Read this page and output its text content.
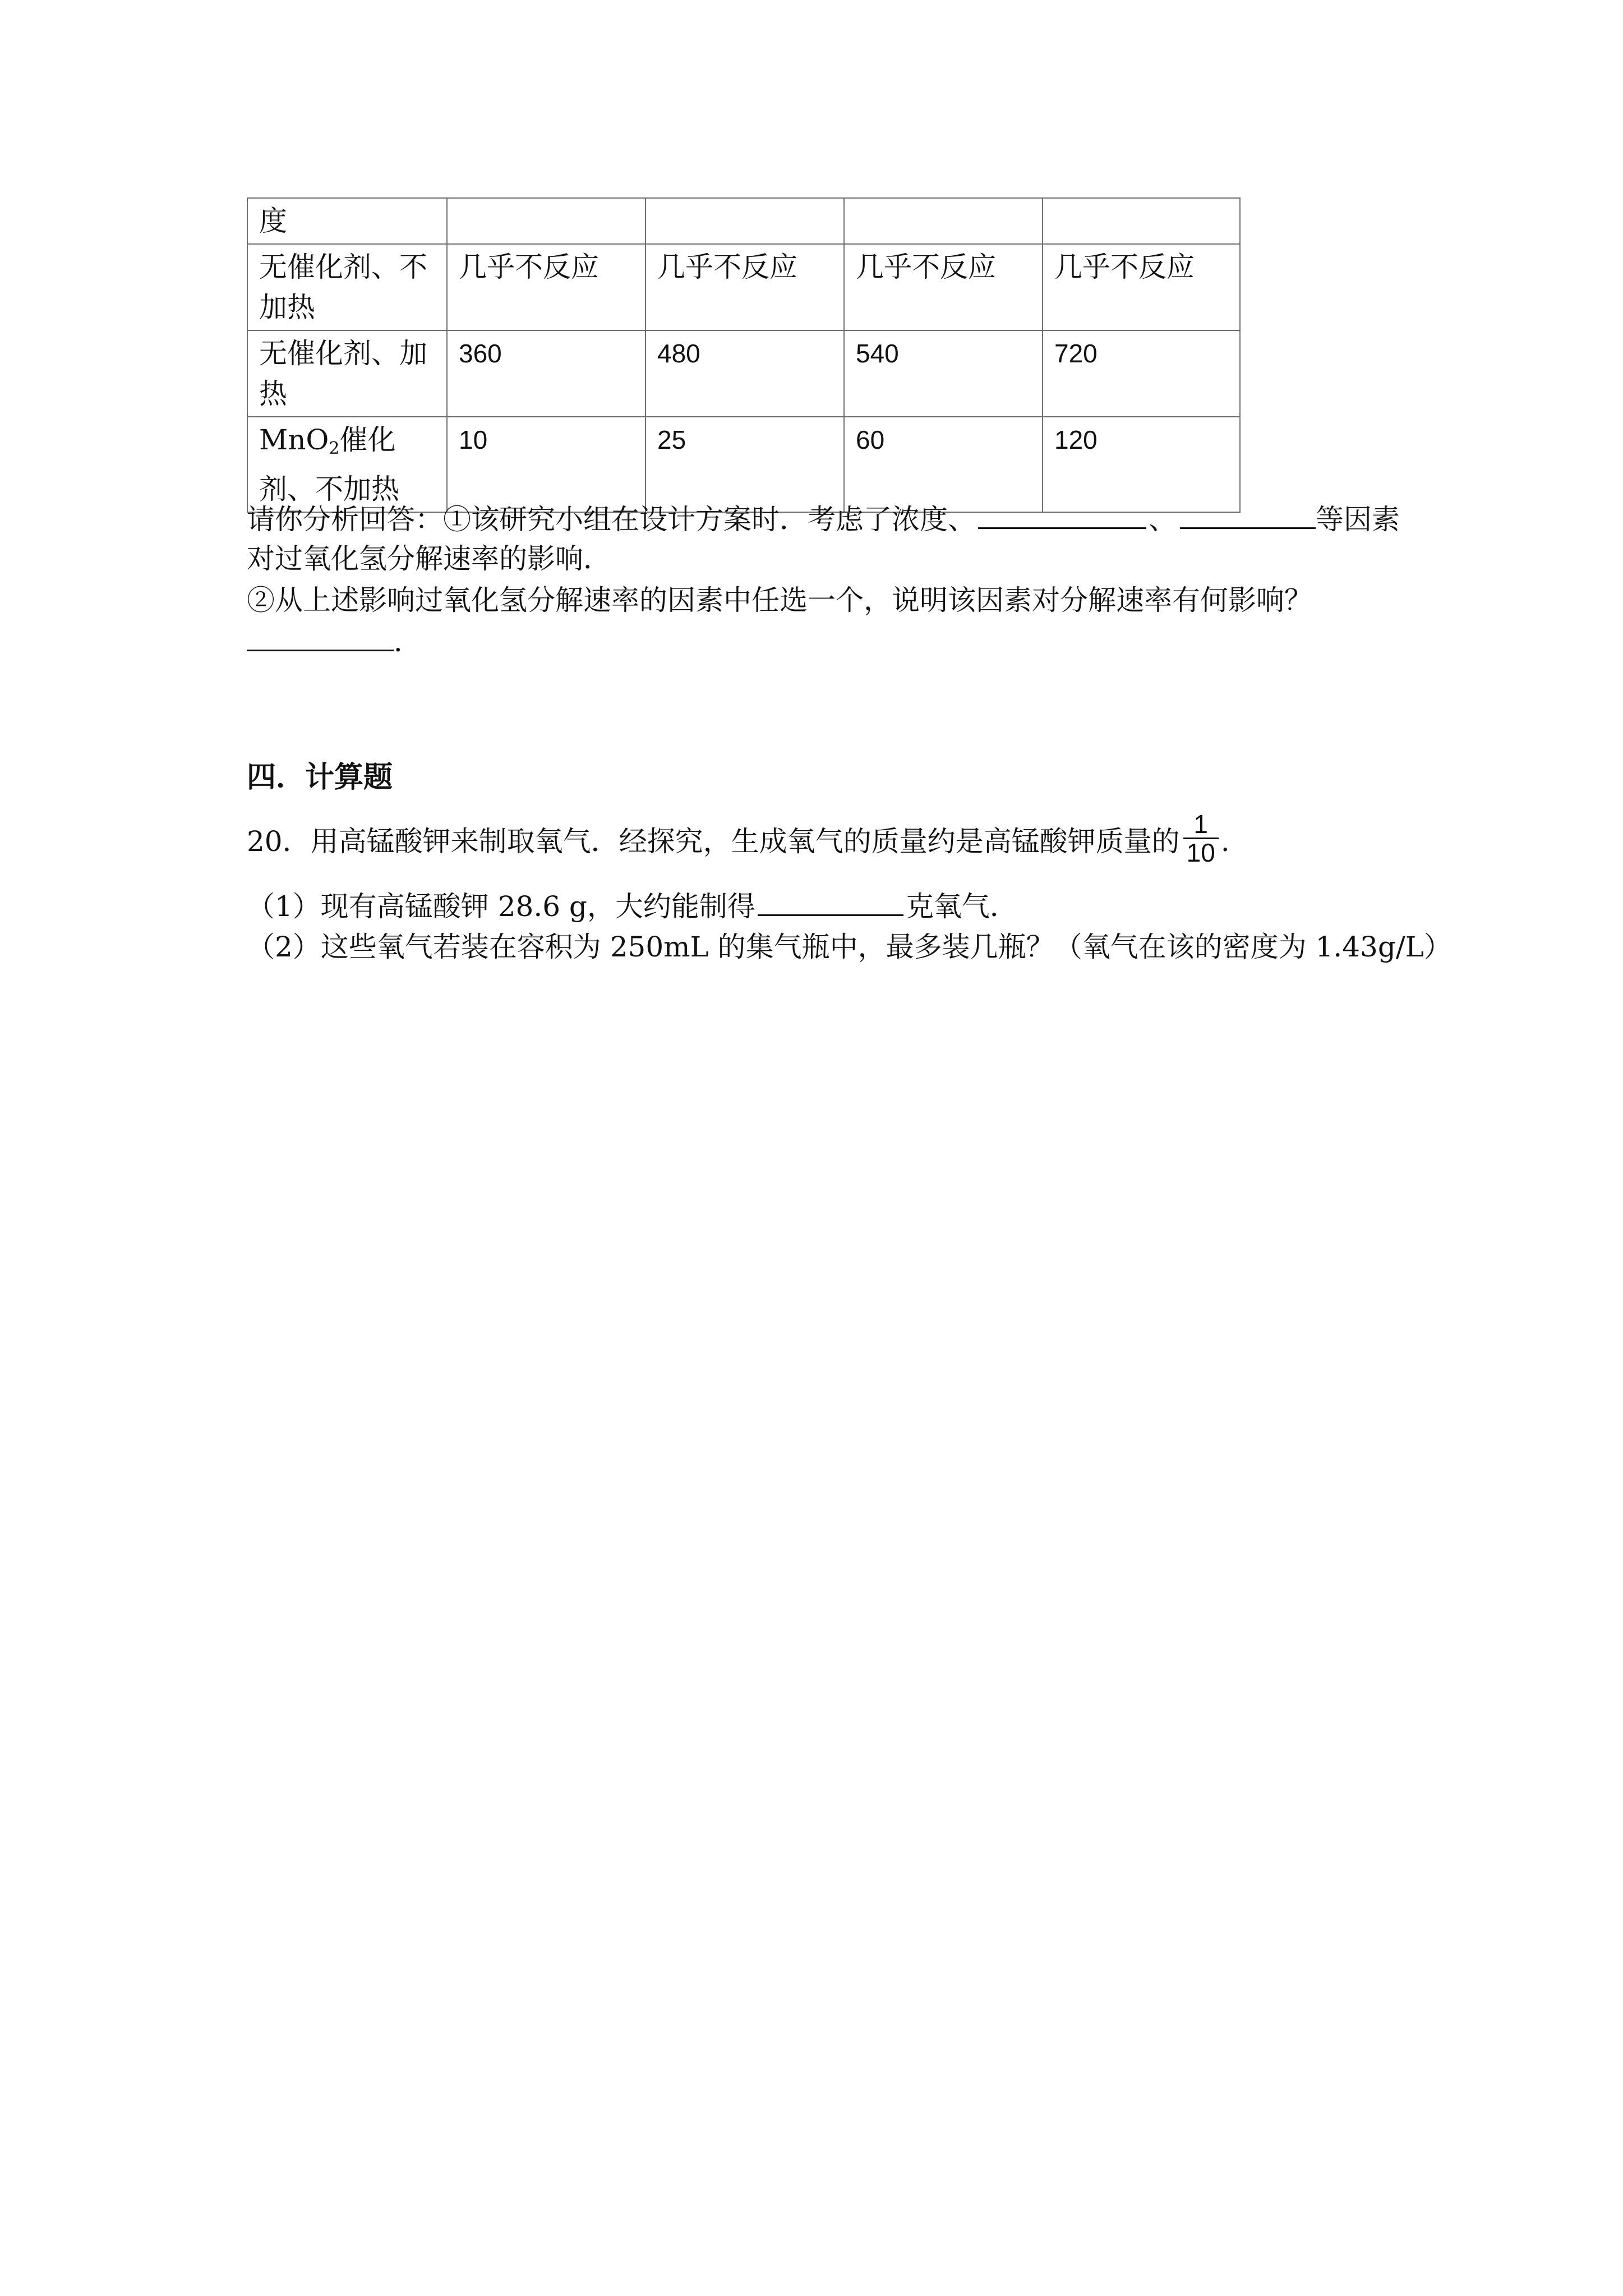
度				
无催化剂、不加热	几乎不反应	几乎不反应	几乎不反应	几乎不反应
无催化剂、加热	360	480	540	720
MnO$_2$催化剂、不加热	10	25	60	120
请你分析回答：①该研究小组在设计方案时．考虑了浓度、	、	等因素
对过氧化氢分解速率的影响．
②从上述影响过氧化氢分解速率的因素中任选一个，说明该因素对分解速率有何影响？
．
四．计算题
20．用高锰酸钾来制取氧气．经探究，生成氧气的质量约是高锰酸钾质量的 $\frac{1}{10}$ .
（1）现有高锰酸钾 28.6 g，大约能制得	克氧气．
（2）这些氧气若装在容积为 250mL 的集气瓶中，最多装几瓶？（氧气在该的密度为 1.43g/L）
